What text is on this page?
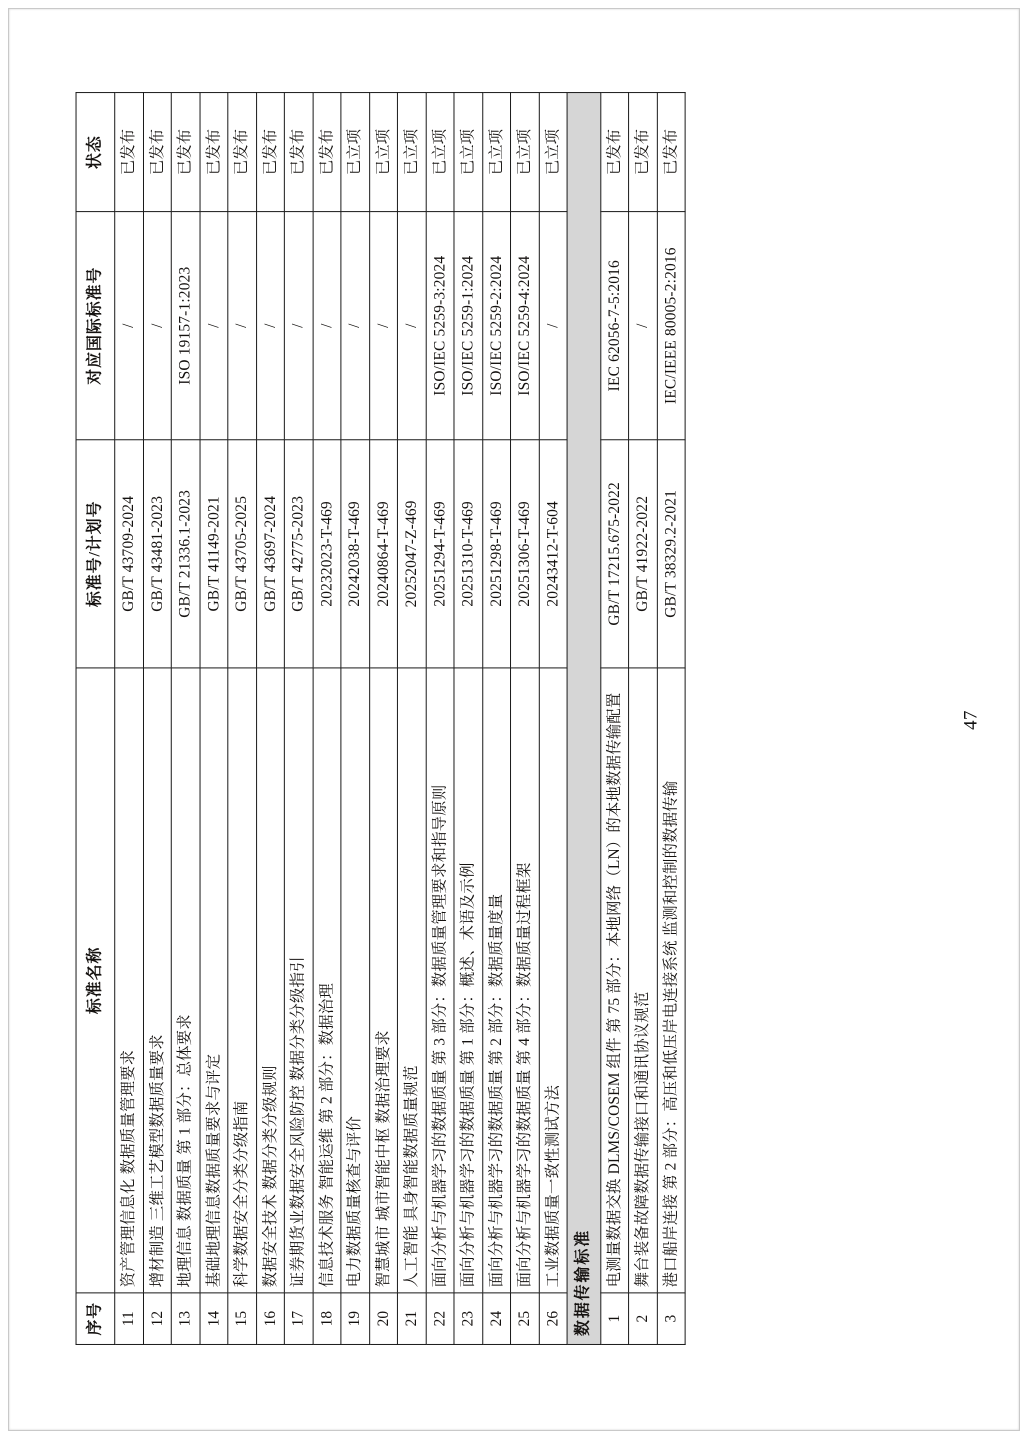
序号	标准名称	标准号/计划号	对应国际标准号	状态
11	资产管理信息化 数据质量管理要求	GB/T 43709-2024	/	已发布
12	增材制造 三维工艺模型数据质量要求	GB/T 43481-2023	/	已发布
13	地理信息 数据质量 第 1 部分：总体要求	GB/T 21336.1-2023	ISO 19157-1:2023	已发布
14	基础地理信息数据质量要求与评定	GB/T 41149-2021	/	已发布
15	科学数据安全分类分级指南	GB/T 43705-2025	/	已发布
16	数据安全技术 数据分类分级规则	GB/T 43697-2024	/	已发布
17	证券期货业数据安全风险防控 数据分类分级指引	GB/T 42775-2023	/	已发布
18	信息技术服务 智能运维 第 2 部分：数据治理	20232023-T-469	/	已发布
19	电力数据质量核查与评价	20242038-T-469	/	已立项
20	智慧城市 城市智能中枢 数据治理要求	20240864-T-469	/	已立项
21	人工智能 具身智能数据质量规范	20252047-Z-469	/	已立项
22	面向分析与机器学习的数据质量 第 3 部分：数据质量管理要求和指导原则	20251294-T-469	ISO/IEC 5259-3:2024	已立项
23	面向分析与机器学习的数据质量 第 1 部分：概述、术语及示例	20251310-T-469	ISO/IEC 5259-1:2024	已立项
24	面向分析与机器学习的数据质量 第 2 部分：数据质量度量	20251298-T-469	ISO/IEC 5259-2:2024	已立项
25	面向分析与机器学习的数据质量 第 4 部分：数据质量过程框架	20251306-T-469	ISO/IEC 5259-4:2024	已立项
26	工业数据质量一致性测试方法	20243412-T-604	/	已立项
数据传输标准				
1	电测量数据交换 DLMS/COSEM 组件 第 75 部分：本地网络（LN）的本地数据传输配置	GB/T 17215.675-2022	IEC 62056-7-5:2016	已发布
2	舞台装备故障数据传输接口和通讯协议规范	GB/T 41922-2022	/	已发布
3	港口船岸连接 第 2 部分：高压和低压岸电连接系统 监测和控制的数据传输	GB/T 38329.2-2021	IEC/IEEE 80005-2:2016	已发布
47
